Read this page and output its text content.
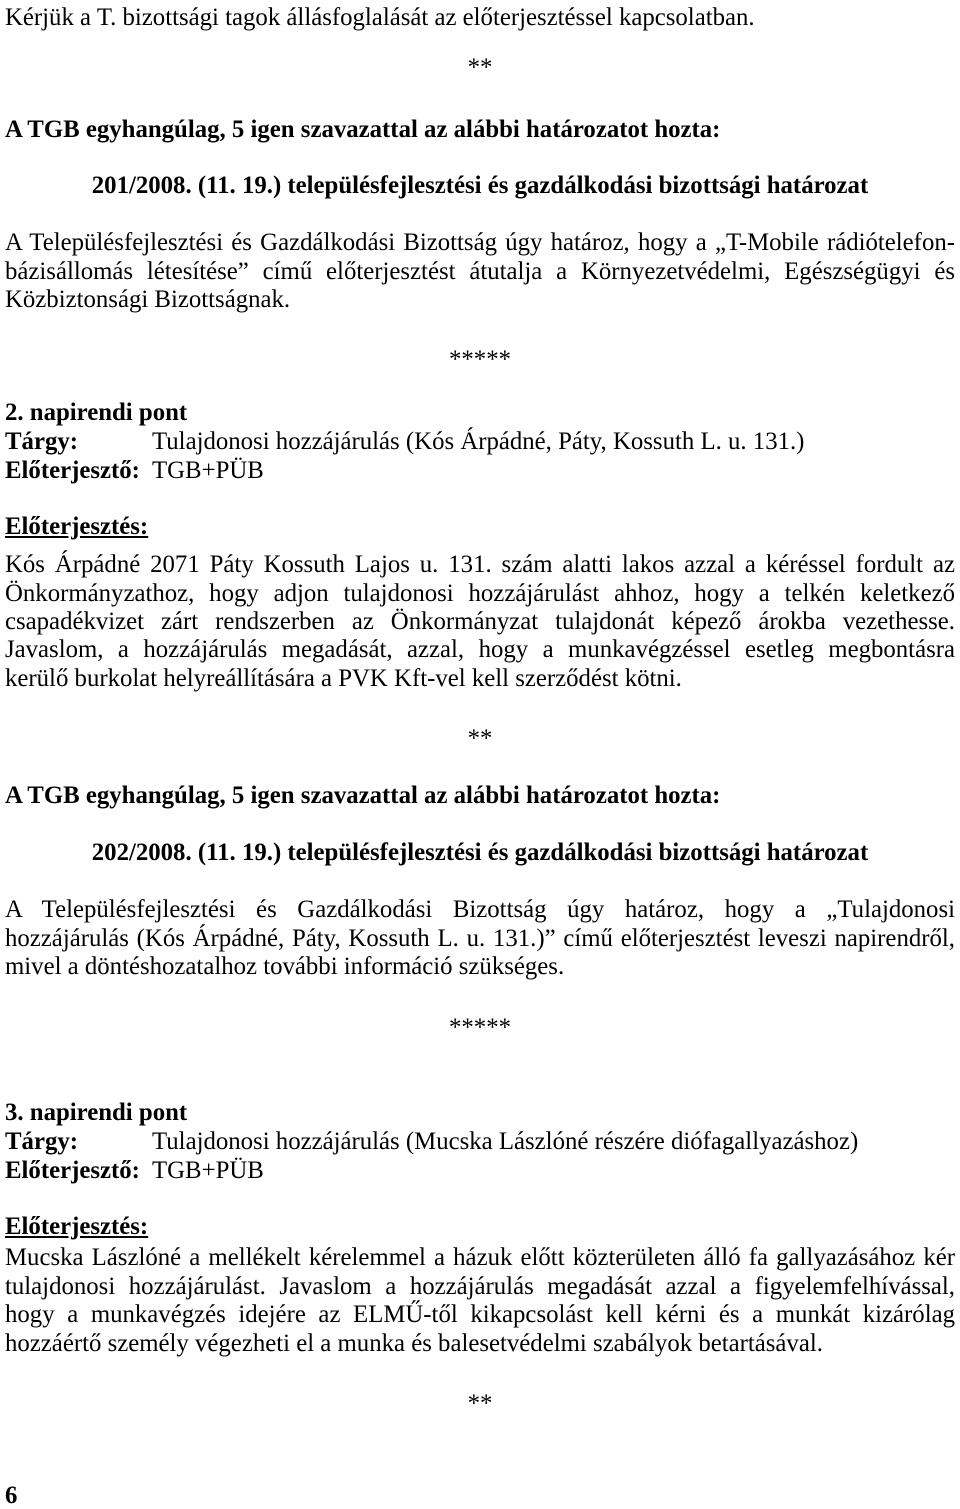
Kérjük a T. bizottsági tagok állásfoglalását az előterjesztéssel kapcsolatban.
**
A TGB egyhangúlag, 5 igen szavazattal az alábbi határozatot hozta:
201/2008. (11. 19.) településfejlesztési és gazdálkodási bizottsági határozat
A Településfejlesztési és Gazdálkodási Bizottság úgy határoz, hogy a „T-Mobile rádiótelefon-
bázisállomás létesítése” című előterjesztést átutalja a Környezetvédelmi, Egészségügyi és
Közbiztonsági Bizottságnak.
*****
2. napirendi pont
Tárgy:	Tulajdonosi hozzájárulás (Kós Árpádné, Páty, Kossuth L. u. 131.)
Előterjesztő: TGB+PÜB
Előterjesztés:
Kós Árpádné 2071 Páty Kossuth Lajos u. 131. szám alatti lakos azzal a kéréssel fordult az
Önkormányzathoz, hogy adjon tulajdonosi hozzájárulást ahhoz, hogy a telkén keletkező
csapadékvizet zárt rendszerben az Önkormányzat tulajdonát képező árokba vezethesse.
Javaslom, a hozzájárulás megadását, azzal, hogy a munkavégzéssel esetleg megbontásra
kerülő burkolat helyreállítására a PVK Kft-vel kell szerződést kötni.
**
A TGB egyhangúlag, 5 igen szavazattal az alábbi határozatot hozta:
202/2008. (11. 19.) településfejlesztési és gazdálkodási bizottsági határozat
A Településfejlesztési és Gazdálkodási Bizottság úgy határoz, hogy a „Tulajdonosi
hozzájárulás (Kós Árpádné, Páty, Kossuth L. u. 131.)” című előterjesztést leveszi napirendről,
mivel a döntéshozatalhoz további információ szükséges.
*****
3. napirendi pont
Tárgy:	Tulajdonosi hozzájárulás (Mucska Lászlóné részére diófagallyazáshoz)
Előterjesztő: TGB+PÜB
Előterjesztés:
Mucska Lászlóné a mellékelt kérelemmel a házuk előtt közterületen álló fa gallyazásához kér
tulajdonosi hozzájárulást. Javaslom a hozzájárulás megadását azzal a figyelemfelhívással,
hogy a munkavégzés idejére az ELMŰ-től kikapcsolást kell kérni és a munkát kizárólag
hozzáértő személy végezheti el a munka és balesetvédelmi szabályok betartásával.
**
6
